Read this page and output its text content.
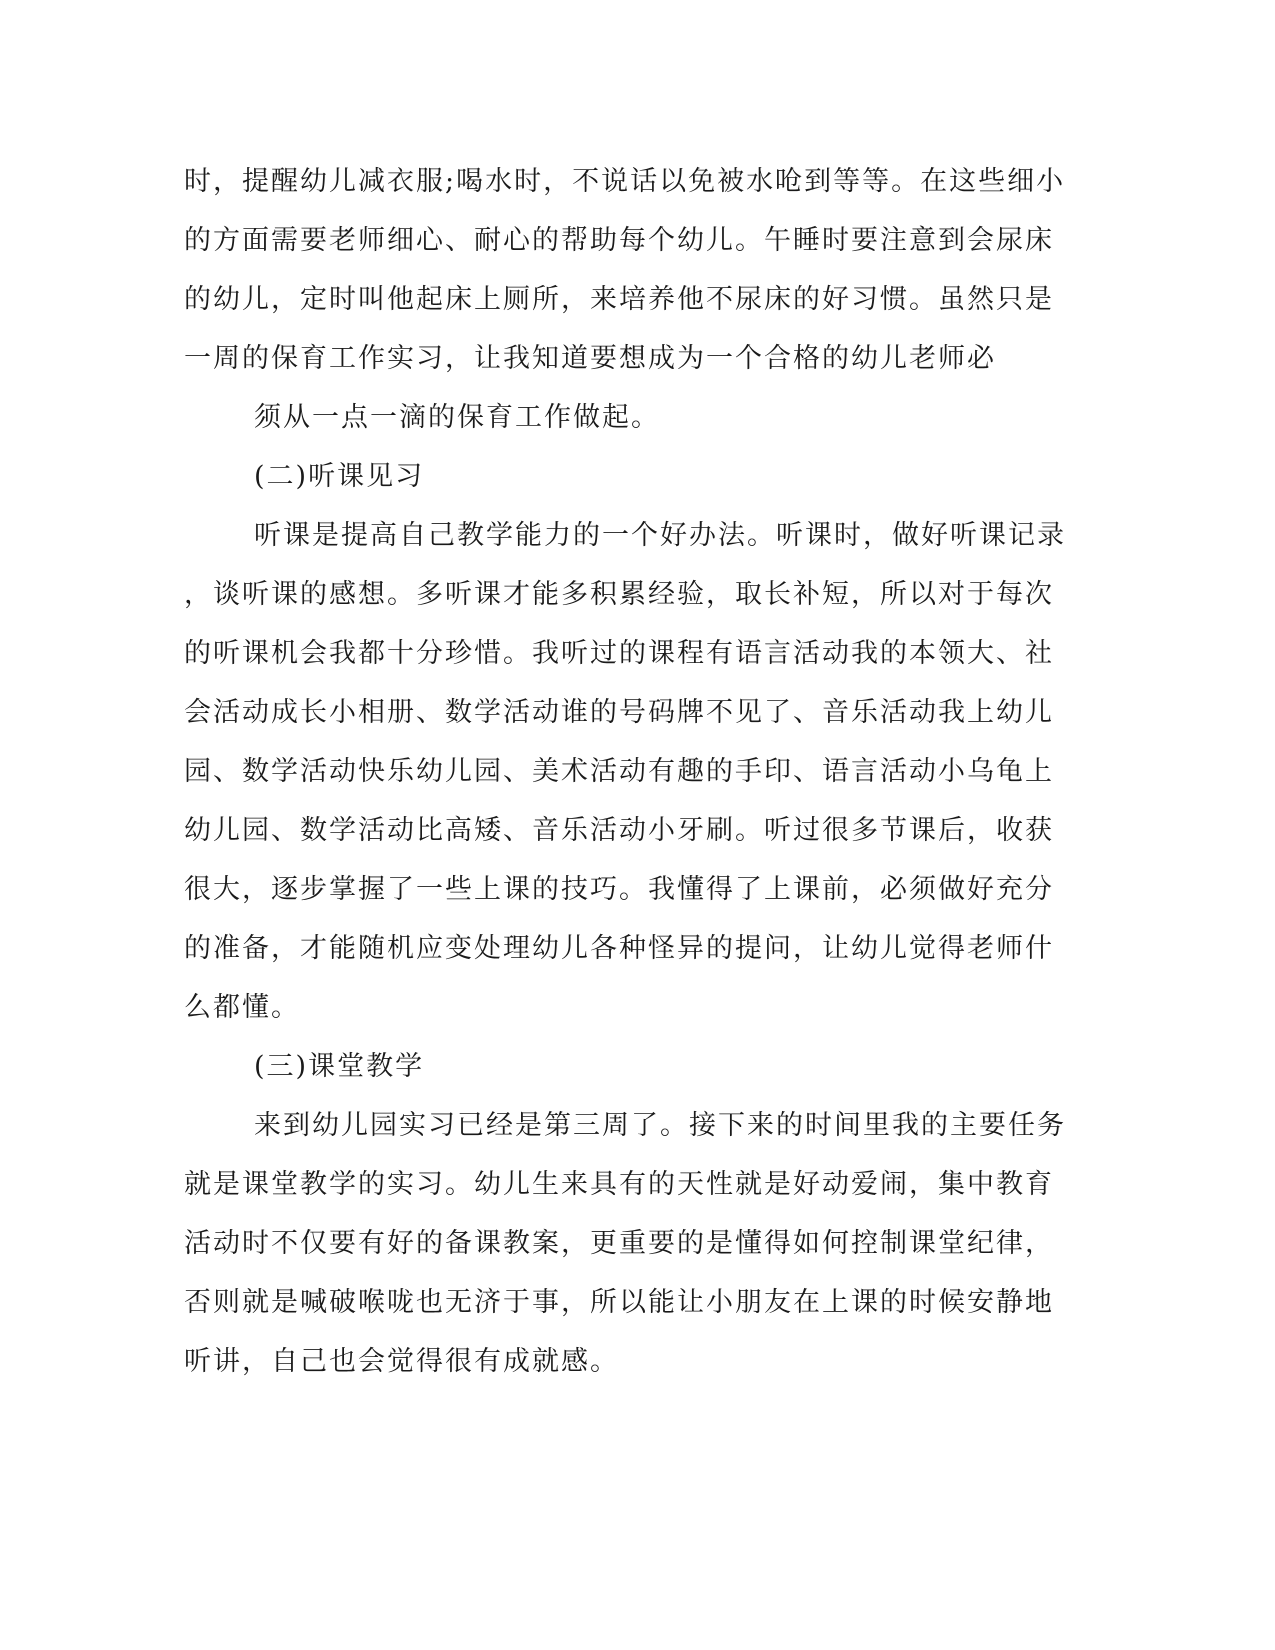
时，提醒幼儿减衣服;喝水时，不说话以免被水呛到等等。在这些细小
的方面需要老师细心、耐心的帮助每个幼儿。午睡时要注意到会尿床
的幼儿，定时叫他起床上厕所，来培养他不尿床的好习惯。虽然只是
一周的保育工作实习，让我知道要想成为一个合格的幼儿老师必
须从一点一滴的保育工作做起。
(二)听课见习
听课是提高自己教学能力的一个好办法。听课时，做好听课记录
，谈听课的感想。多听课才能多积累经验，取长补短，所以对于每次
的听课机会我都十分珍惜。我听过的课程有语言活动我的本领大、社
会活动成长小相册、数学活动谁的号码牌不见了、音乐活动我上幼儿
园、数学活动快乐幼儿园、美术活动有趣的手印、语言活动小乌龟上
幼儿园、数学活动比高矮、音乐活动小牙刷。听过很多节课后，收获
很大，逐步掌握了一些上课的技巧。我懂得了上课前，必须做好充分
的准备，才能随机应变处理幼儿各种怪异的提问，让幼儿觉得老师什
么都懂。
(三)课堂教学
来到幼儿园实习已经是第三周了。接下来的时间里我的主要任务
就是课堂教学的实习。幼儿生来具有的天性就是好动爱闹，集中教育
活动时不仅要有好的备课教案，更重要的是懂得如何控制课堂纪律，
否则就是喊破喉咙也无济于事，所以能让小朋友在上课的时候安静地
听讲，自己也会觉得很有成就感。
